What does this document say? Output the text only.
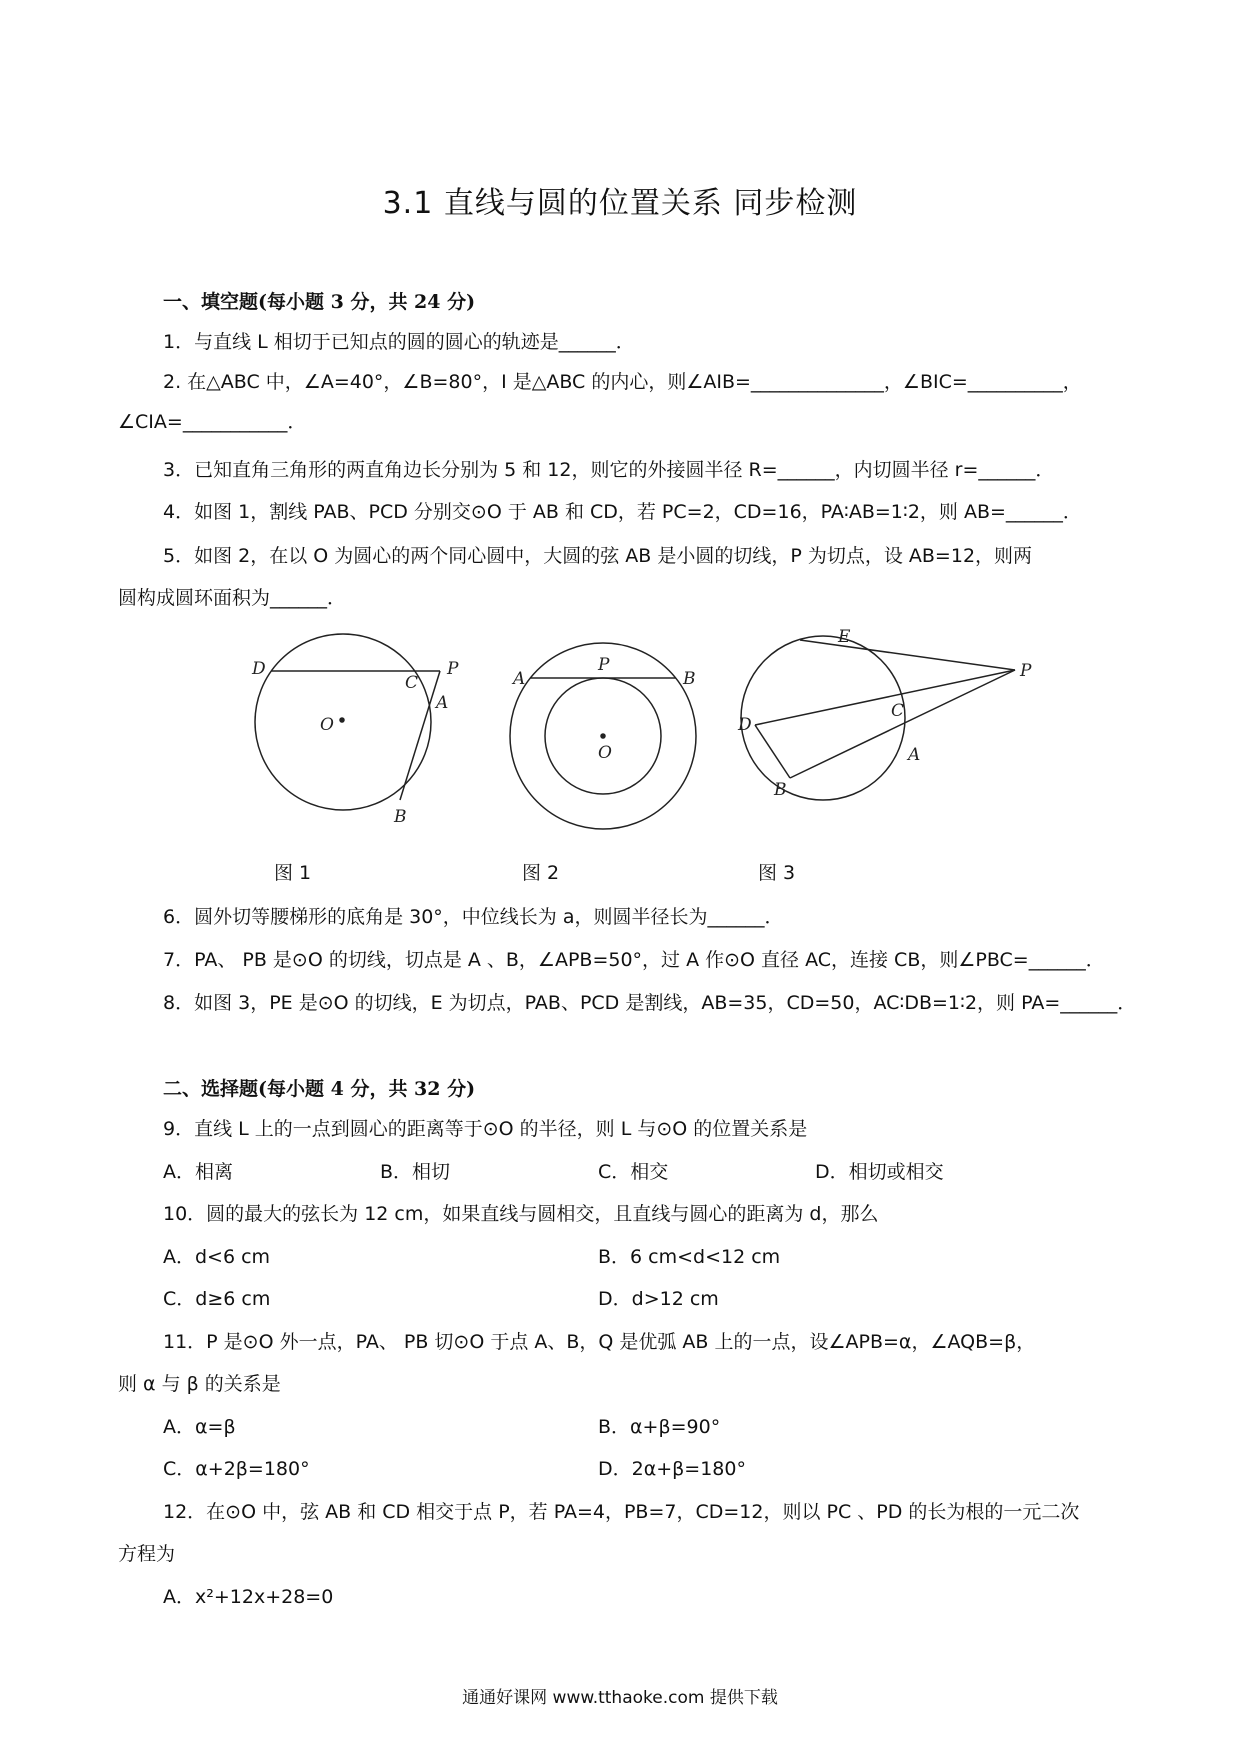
3.1 直线与圆的位置关系 同步检测
一、填空题(每小题 3 分，共 24 分)
1．与直线 L 相切于已知点的圆的圆心的轨迹是______．
2. 在△ABC 中，∠A=40°，∠B=80°，I 是△ABC 的内心，则∠AIB=______________，∠BIC=__________，
∠CIA=___________．
3．已知直角三角形的两直角边长分别为 5 和 12，则它的外接圆半径 R=______，内切圆半径 r=______．
4．如图 1，割线 PAB、PCD 分别交⊙O 于 AB 和 CD，若 PC=2，CD=16，PA∶AB=1∶2，则 AB=______．
5．如图 2，在以 O 为圆心的两个同心圆中，大圆的弦 AB 是小圆的切线，P 为切点，设 AB=12，则两
圆构成圆环面积为______．
D
C
P
A
O
B
A
P
B
O
E
P
D
C
A
B
图 1	图 2	图 3
6．圆外切等腰梯形的底角是 30°，中位线长为 a，则圆半径长为______．
7．PA、 PB 是⊙O 的切线，切点是 A 、B，∠APB=50°，过 A 作⊙O 直径 AC，连接 CB，则∠PBC=______．
8．如图 3，PE 是⊙O 的切线，E 为切点，PAB、PCD 是割线，AB=35，CD=50，AC∶DB=1∶2，则 PA=______．
二、选择题(每小题 4 分，共 32 分)
9．直线 L 上的一点到圆心的距离等于⊙O 的半径，则 L 与⊙O 的位置关系是
A．相离	B．相切	C．相交	D．相切或相交
10．圆的最大的弦长为 12 cm，如果直线与圆相交，且直线与圆心的距离为 d，那么
A．d<6 cm	B．6 cm<d<12 cm
C．d≥6 cm	D．d>12 cm
11．P 是⊙O 外一点，PA、 PB 切⊙O 于点 A、B，Q 是优弧 AB 上的一点，设∠APB=α，∠AQB=β，
则 α 与 β 的关系是
A．α=β	B．α+β=90°
C．α+2β=180°	D．2α+β=180°
12．在⊙O 中，弦 AB 和 CD 相交于点 P，若 PA=4，PB=7，CD=12，则以 PC 、PD 的长为根的一元二次
方程为
A．x²+12x+28=0
通通好课网 www.tthaoke.com 提供下载
